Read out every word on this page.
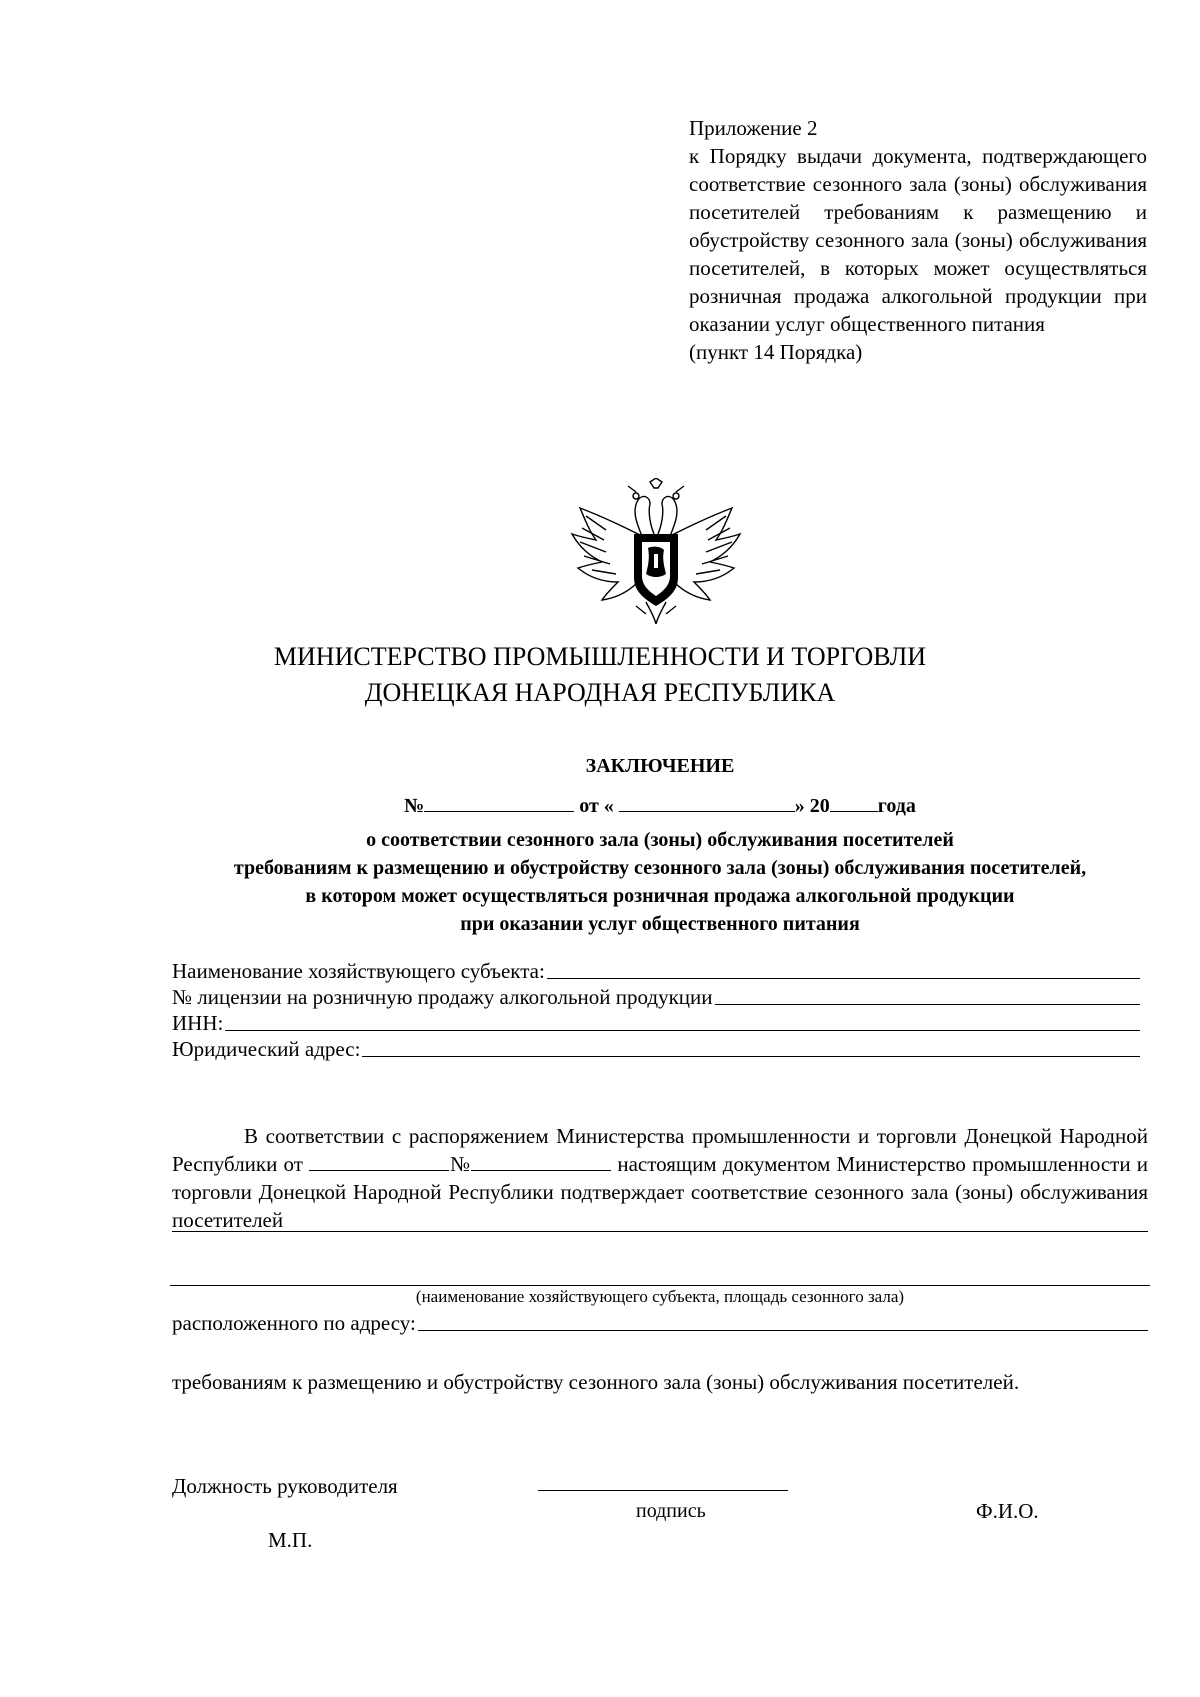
Приложение 2
к Порядку выдачи документа, подтверждающего соответствие сезонного зала (зоны) обслуживания посетителей требованиям к размещению и обустройству сезонного зала (зоны) обслуживания посетителей, в которых может осуществляться розничная продажа алкогольной продукции при оказании услуг общественного питания
(пункт 14 Порядка)
МИНИСТЕРСТВО ПРОМЫШЛЕННОСТИ И ТОРГОВЛИ
ДОНЕЦКАЯ НАРОДНАЯ РЕСПУБЛИКА
ЗАКЛЮЧЕНИЕ
№	от «	» 20 года
о соответствии сезонного зала (зоны) обслуживания посетителей
требованиям к размещению и обустройству сезонного зала (зоны) обслуживания посетителей,
в котором может осуществляться розничная продажа алкогольной продукции
при оказании услуг общественного питания
Наименование хозяйствующего субъекта:
№ лицензии на розничную продажу алкогольной продукции
ИНН:
Юридический адрес:
В соответствии с распоряжением Министерства промышленности и торговли Донецкой Народной Республики от	№	настоящим документом Министерство промышленности и торговли Донецкой Народной Республики подтверждает соответствие сезонного зала (зоны) обслуживания посетителей
(наименование хозяйствующего субъекта, площадь сезонного зала)
расположенного по адресу:
требованиям к размещению и обустройству сезонного зала (зоны) обслуживания посетителей.
Должность руководителя
подпись	Ф.И.О.
М.П.
